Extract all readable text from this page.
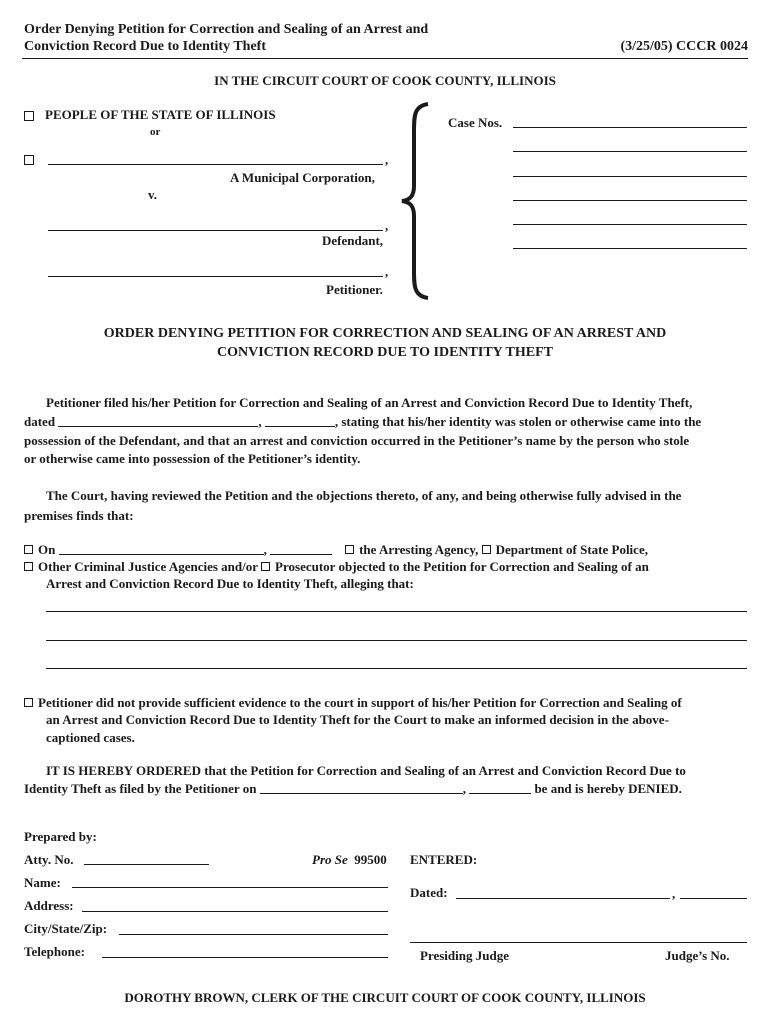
Order Denying Petition for Correction and Sealing of an Arrest and
Conviction Record Due to Identity Theft	(3/25/05) CCCR 0024
IN THE CIRCUIT COURT OF COOK COUNTY, ILLINOIS
PEOPLE OF THE STATE OF ILLINOIS
or
,
A Municipal Corporation,
v.
,
Defendant,
,
Petitioner.
Case Nos.
ORDER DENYING PETITION FOR CORRECTION AND SEALING OF AN ARREST AND
CONVICTION RECORD DUE TO IDENTITY THEFT
Petitioner filed his/her Petition for Correction and Sealing of an Arrest and Conviction Record Due to Identity Theft,
dated	,	, stating that his/her identity was stolen or otherwise came into the
possession of the Defendant, and that an arrest and conviction occurred in the Petitioner’s name by the person who stole
or otherwise came into possession of the Petitioner’s identity.
The Court, having reviewed the Petition and the objections thereto, of any, and being otherwise fully advised in the
premises finds that:
On	,	the Arresting Agency, Department of State Police,
Other Criminal Justice Agencies and/or Prosecutor objected to the Petition for Correction and Sealing of an
Arrest and Conviction Record Due to Identity Theft, alleging that:
Petitioner did not provide sufficient evidence to the court in support of his/her Petition for Correction and Sealing of
an Arrest and Conviction Record Due to Identity Theft for the Court to make an informed decision in the above-
captioned cases.
IT IS HEREBY ORDERED that the Petition for Correction and Sealing of an Arrest and Conviction Record Due to
Identity Theft as filed by the Petitioner on	,	be and is hereby DENIED.
Prepared by:
Atty. No.	Pro Se 99500
Name:
Address:
City/State/Zip:
Telephone:
ENTERED:
Dated:	,
Presiding Judge	Judge’s No.
DOROTHY BROWN, CLERK OF THE CIRCUIT COURT OF COOK COUNTY, ILLINOIS
